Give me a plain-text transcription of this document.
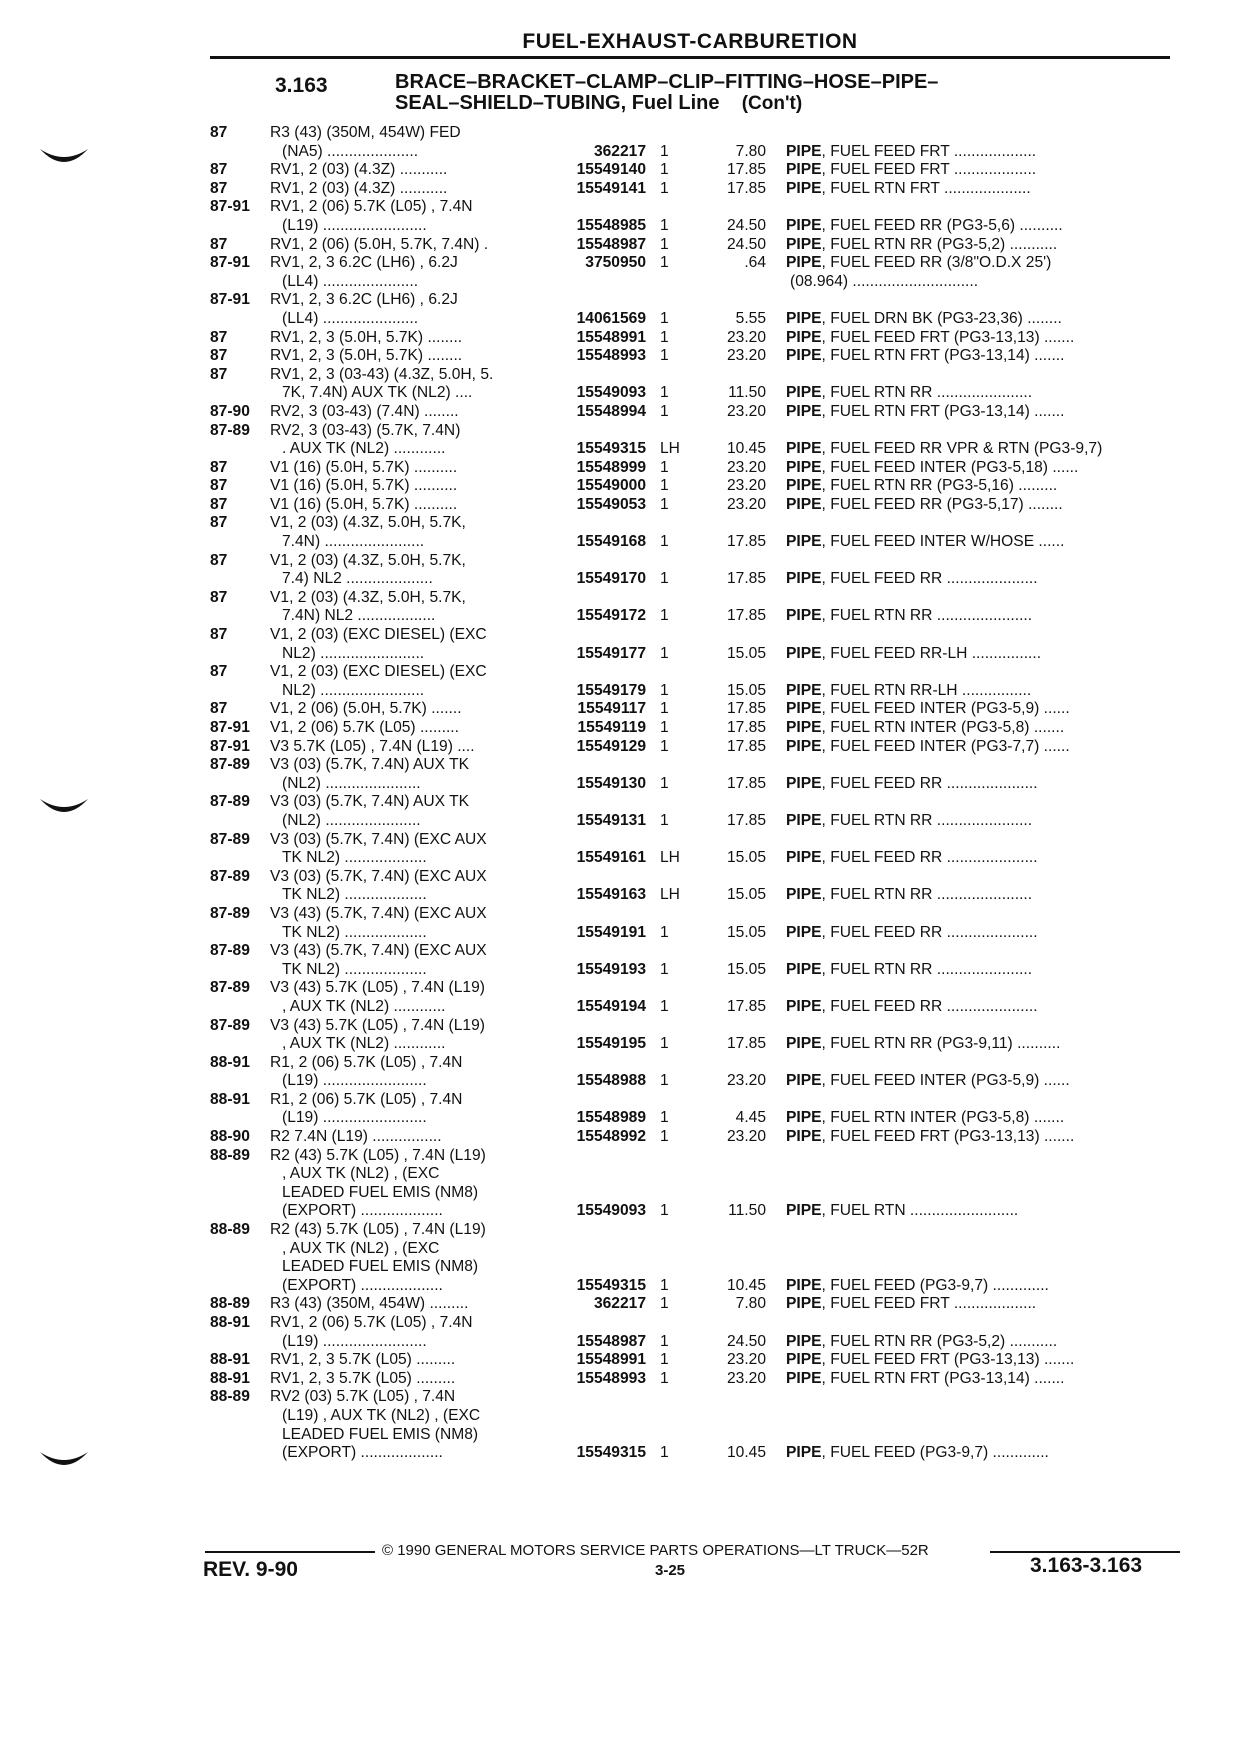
FUEL-EXHAUST-CARBURETION
3.163	BRACE–BRACKET–CLAMP–CLIP–FITTING–HOSE–PIPE–
SEAL–SHIELD–TUBING, Fuel Line (Con't)
87	R3 (43) (350M, 454W) FED
(NA5) .....................	362217 1	7.80	PIPE, FUEL FEED FRT ...................
87	RV1, 2 (03) (4.3Z) ...........	15549140 1	17.85	PIPE, FUEL FEED FRT ...................
87	RV1, 2 (03) (4.3Z) ...........	15549141 1	17.85	PIPE, FUEL RTN FRT ....................
87-91	RV1, 2 (06) 5.7K (L05) , 7.4N
(L19) ........................	15548985 1	24.50	PIPE, FUEL FEED RR (PG3-5,6) ..........
87	RV1, 2 (06) (5.0H, 5.7K, 7.4N) .	15548987 1	24.50	PIPE, FUEL RTN RR (PG3-5,2) ...........
87-91	RV1, 2, 3 6.2C (LH6) , 6.2J
(LL4) ......................
3750950 1	.64	PIPE, FUEL FEED RR (3/8"O.D.X 25')
(08.964) .............................
87-91	RV1, 2, 3 6.2C (LH6) , 6.2J
(LL4) ......................	14061569 1	5.55	PIPE, FUEL DRN BK (PG3-23,36) ........
87	RV1, 2, 3 (5.0H, 5.7K) ........	15548991 1	23.20	PIPE, FUEL FEED FRT (PG3-13,13) .......
87	RV1, 2, 3 (5.0H, 5.7K) ........	15548993 1	23.20	PIPE, FUEL RTN FRT (PG3-13,14) .......
87	RV1, 2, 3 (03-43) (4.3Z, 5.0H, 5.
7K, 7.4N) AUX TK (NL2) ....	15549093 1	11.50	PIPE, FUEL RTN RR ......................
87-90	RV2, 3 (03-43) (7.4N) ........	15548994 1	23.20	PIPE, FUEL RTN FRT (PG3-13,14) .......
87-89	RV2, 3 (03-43) (5.7K, 7.4N)
. AUX TK (NL2) ............	15549315 LH	10.45	PIPE, FUEL FEED RR VPR & RTN (PG3-9,7)
87	V1 (16) (5.0H, 5.7K) ..........	15548999 1	23.20	PIPE, FUEL FEED INTER (PG3-5,18) ......
87	V1 (16) (5.0H, 5.7K) ..........	15549000 1	23.20	PIPE, FUEL RTN RR (PG3-5,16) .........
87	V1 (16) (5.0H, 5.7K) ..........	15549053 1	23.20	PIPE, FUEL FEED RR (PG3-5,17) ........
87	V1, 2 (03) (4.3Z, 5.0H, 5.7K,
7.4N) .......................	15549168 1	17.85	PIPE, FUEL FEED INTER W/HOSE ......
87	V1, 2 (03) (4.3Z, 5.0H, 5.7K,
7.4) NL2 ....................	15549170 1	17.85	PIPE, FUEL FEED RR .....................
87	V1, 2 (03) (4.3Z, 5.0H, 5.7K,
7.4N) NL2 ..................	15549172 1	17.85	PIPE, FUEL RTN RR ......................
87	V1, 2 (03) (EXC DIESEL) (EXC
NL2) ........................	15549177 1	15.05	PIPE, FUEL FEED RR-LH ................
87	V1, 2 (03) (EXC DIESEL) (EXC
NL2) ........................	15549179 1	15.05	PIPE, FUEL RTN RR-LH ................
87	V1, 2 (06) (5.0H, 5.7K) .......	15549117 1	17.85	PIPE, FUEL FEED INTER (PG3-5,9) ......
87-91	V1, 2 (06) 5.7K (L05) .........	15549119 1	17.85	PIPE, FUEL RTN INTER (PG3-5,8) .......
87-91	V3 5.7K (L05) , 7.4N (L19) ....	15549129 1	17.85	PIPE, FUEL FEED INTER (PG3-7,7) ......
87-89	V3 (03) (5.7K, 7.4N) AUX TK
(NL2) ......................	15549130 1	17.85	PIPE, FUEL FEED RR .....................
87-89	V3 (03) (5.7K, 7.4N) AUX TK
(NL2) ......................	15549131 1	17.85	PIPE, FUEL RTN RR ......................
87-89	V3 (03) (5.7K, 7.4N) (EXC AUX
TK NL2) ...................	15549161 LH	15.05	PIPE, FUEL FEED RR .....................
87-89	V3 (03) (5.7K, 7.4N) (EXC AUX
TK NL2) ...................	15549163 LH	15.05	PIPE, FUEL RTN RR ......................
87-89	V3 (43) (5.7K, 7.4N) (EXC AUX
TK NL2) ...................	15549191 1	15.05	PIPE, FUEL FEED RR .....................
87-89	V3 (43) (5.7K, 7.4N) (EXC AUX
TK NL2) ...................	15549193 1	15.05	PIPE, FUEL RTN RR ......................
87-89	V3 (43) 5.7K (L05) , 7.4N (L19)
, AUX TK (NL2) ............	15549194 1	17.85	PIPE, FUEL FEED RR .....................
87-89	V3 (43) 5.7K (L05) , 7.4N (L19)
, AUX TK (NL2) ............	15549195 1	17.85	PIPE, FUEL RTN RR (PG3-9,11) ..........
88-91	R1, 2 (06) 5.7K (L05) , 7.4N
(L19) ........................	15548988 1	23.20	PIPE, FUEL FEED INTER (PG3-5,9) ......
88-91	R1, 2 (06) 5.7K (L05) , 7.4N
(L19) ........................	15548989 1	4.45	PIPE, FUEL RTN INTER (PG3-5,8) .......
88-90	R2 7.4N (L19) ................	15548992 1	23.20	PIPE, FUEL FEED FRT (PG3-13,13) .......
88-89	R2 (43) 5.7K (L05) , 7.4N (L19)
, AUX TK (NL2) , (EXC
LEADED FUEL EMIS (NM8)
(EXPORT) ...................	15549093 1	11.50	PIPE, FUEL RTN .........................
88-89	R2 (43) 5.7K (L05) , 7.4N (L19)
, AUX TK (NL2) , (EXC
LEADED FUEL EMIS (NM8)
(EXPORT) ...................	15549315 1	10.45	PIPE, FUEL FEED (PG3-9,7) .............
88-89	R3 (43) (350M, 454W) .........	362217 1	7.80	PIPE, FUEL FEED FRT ...................
88-91	RV1, 2 (06) 5.7K (L05) , 7.4N
(L19) ........................	15548987 1	24.50	PIPE, FUEL RTN RR (PG3-5,2) ...........
88-91	RV1, 2, 3 5.7K (L05) .........	15548991 1	23.20	PIPE, FUEL FEED FRT (PG3-13,13) .......
88-91	RV1, 2, 3 5.7K (L05) .........	15548993 1	23.20	PIPE, FUEL RTN FRT (PG3-13,14) .......
88-89	RV2 (03) 5.7K (L05) , 7.4N
(L19) , AUX TK (NL2) , (EXC
LEADED FUEL EMIS (NM8)
(EXPORT) ...................	15549315 1	10.45	PIPE, FUEL FEED (PG3-9,7) .............
© 1990 GENERAL MOTORS SERVICE PARTS OPERATIONS—LT TRUCK—52R
REV. 9-90	3-25	3.163-3.163
